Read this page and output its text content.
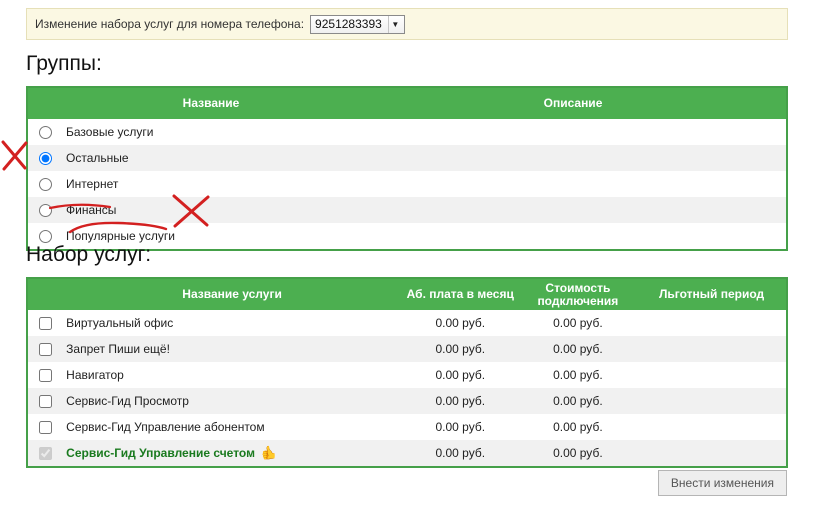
Изменение набора услуг для номера телефона: 9251283393	▼
Группы:
	Название	Описание
	Базовые услуги	
	Остальные	
	Интернет	
	Финансы	
	Популярные услуги	
Набор услуг:
	Название услуги	Аб. плата в месяц	Стоимость подключения	Льготный период
	Виртуальный офис	0.00 руб.	0.00 руб.	
	Запрет Пиши ещё!	0.00 руб.	0.00 руб.	
	Навигатор	0.00 руб.	0.00 руб.	
	Сервис-Гид Просмотр	0.00 руб.	0.00 руб.	
	Сервис-Гид Управление абонентом	0.00 руб.	0.00 руб.	
	Сервис-Гид Управление счетом 👍	0.00 руб.	0.00 руб.	
Внести изменения
